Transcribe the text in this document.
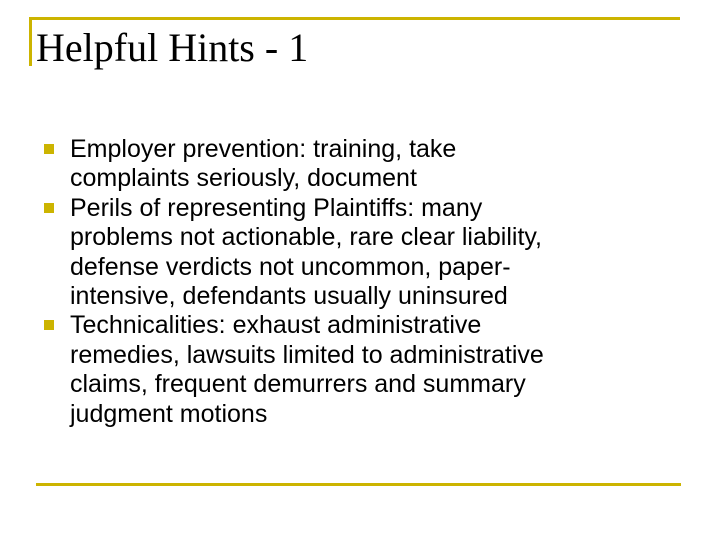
Helpful Hints - 1
Employer prevention: training, take
complaints seriously, document
Perils of representing Plaintiffs: many
problems not actionable, rare clear liability,
defense verdicts not uncommon, paper-
intensive, defendants usually uninsured
Technicalities: exhaust administrative
remedies, lawsuits limited to administrative
claims, frequent demurrers and summary
judgment motions
